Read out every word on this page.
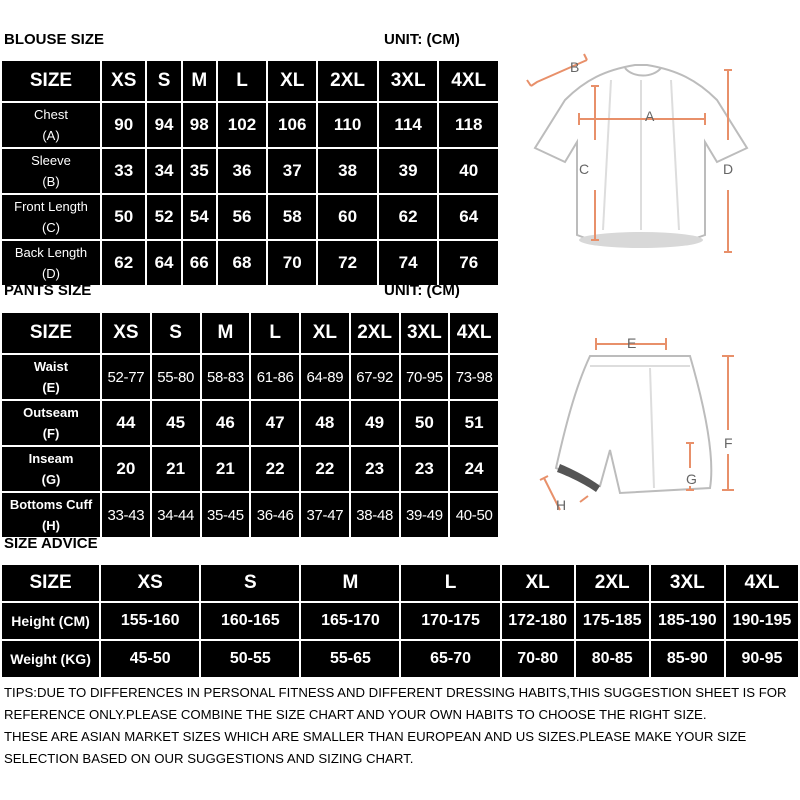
BLOUSE SIZE	UNIT: (CM)
SIZE	XS	S	M	L	XL	2XL	3XL	4XL

Chest
(A)	90	94	98	102	106	110	114	118

Sleeve
(B)	33	34	35	36	37	38	39	40

Front Length
(C)	50	52	54	56	58	60	62	64

Back Length
(D)	62	64	66	68	70	72	74	76
B
A
C	D
PANTS SIZE	UNIT: (CM)
SIZE	XS	S	M	L	XL	2XL	3XL	4XL

Waist
(E)	52-77	55-80	58-83	61-86	64-89	67-92	70-95	73-98

Outseam
(F)	44	45	46	47	48	49	50	51

Inseam
(G)	20	21	21	22	22	23	23	24

Bottoms Cuff
(H)	33-43	34-44	35-45	36-46	37-47	38-48	39-49	40-50
E
F
G
H
SIZE ADVICE
SIZE	XS	S	M	L	XL	2XL	3XL	4XL
Height (CM)	155-160	160-165	165-170	170-175	172-180	175-185	185-190	190-195
Weight (KG)	45-50	50-55	55-65	65-70	70-80	80-85	85-90	90-95

TIPS:DUE TO DIFFERENCES IN PERSONAL FITNESS AND DIFFERENT DRESSING HABITS,THIS SUGGESTION SHEET IS FOR

REFERENCE ONLY.PLEASE COMBINE THE SIZE CHART AND YOUR OWN HABITS TO CHOOSE THE RIGHT SIZE.

THESE ARE ASIAN MARKET SIZES WHICH ARE SMALLER THAN EUROPEAN AND US SIZES.PLEASE MAKE YOUR SIZE

SELECTION BASED ON OUR SUGGESTIONS AND SIZING CHART.
